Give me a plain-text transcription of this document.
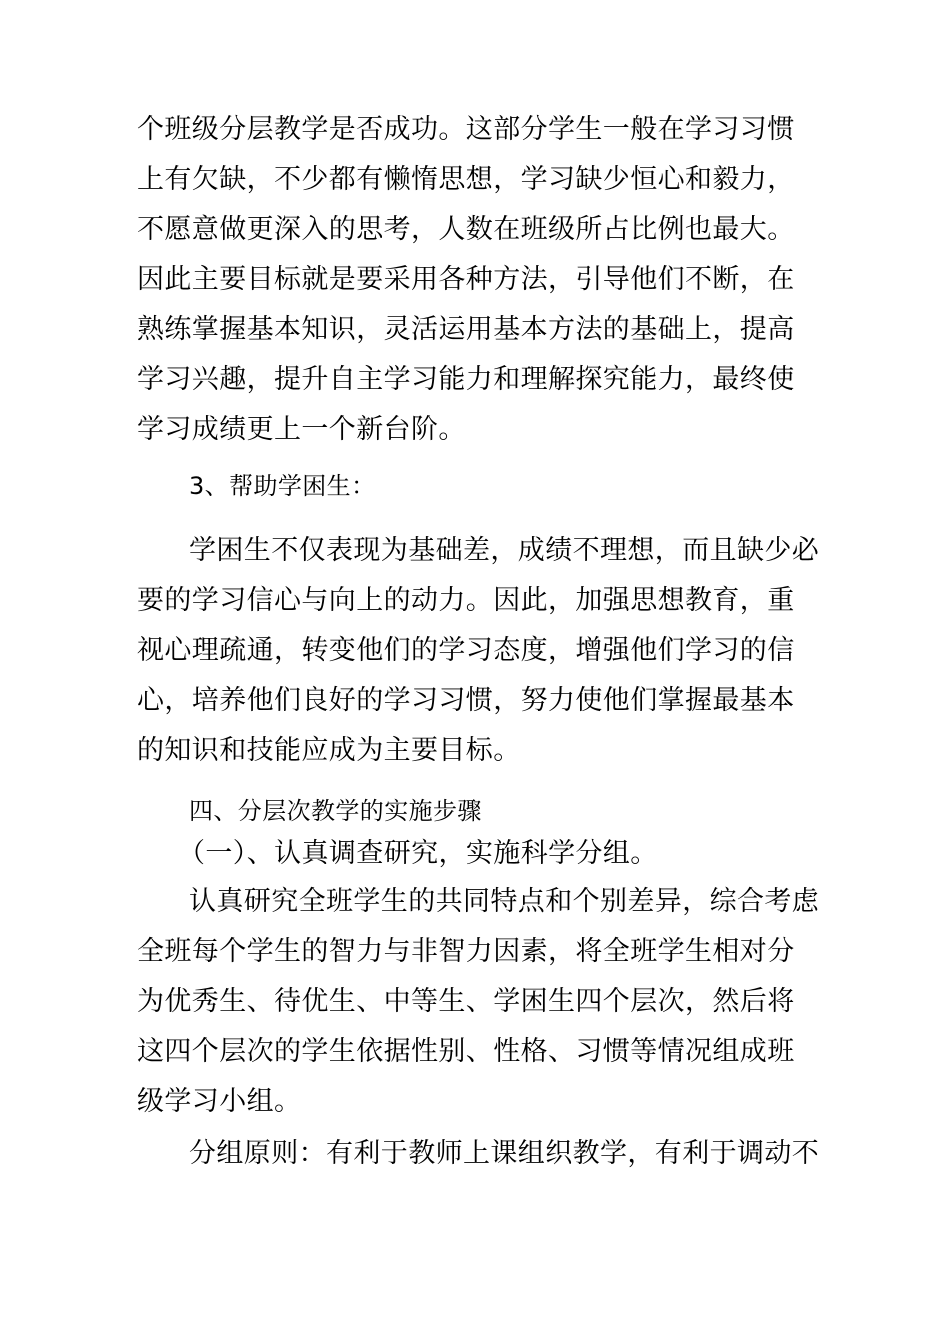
个班级分层教学是否成功。这部分学生一般在学习习惯
上有欠缺，不少都有懒惰思想，学习缺少恒心和毅力，
不愿意做更深入的思考，人数在班级所占比例也最大。
因此主要目标就是要采用各种方法，引导他们不断，在
熟练掌握基本知识，灵活运用基本方法的基础上，提高
学习兴趣，提升自主学习能力和理解探究能力，最终使
学习成绩更上一个新台阶。
3、帮助学困生：
学困生不仅表现为基础差，成绩不理想，而且缺少必
要的学习信心与向上的动力。因此，加强思想教育，重
视心理疏通，转变他们的学习态度，增强他们学习的信
心，培养他们良好的学习习惯，努力使他们掌握最基本
的知识和技能应成为主要目标。
四、分层次教学的实施步骤
（一）、认真调查研究，实施科学分组。
认真研究全班学生的共同特点和个别差异，综合考虑
全班每个学生的智力与非智力因素，将全班学生相对分
为优秀生、待优生、中等生、学困生四个层次，然后将
这四个层次的学生依据性别、性格、习惯等情况组成班
级学习小组。
分组原则：有利于教师上课组织教学，有利于调动不
